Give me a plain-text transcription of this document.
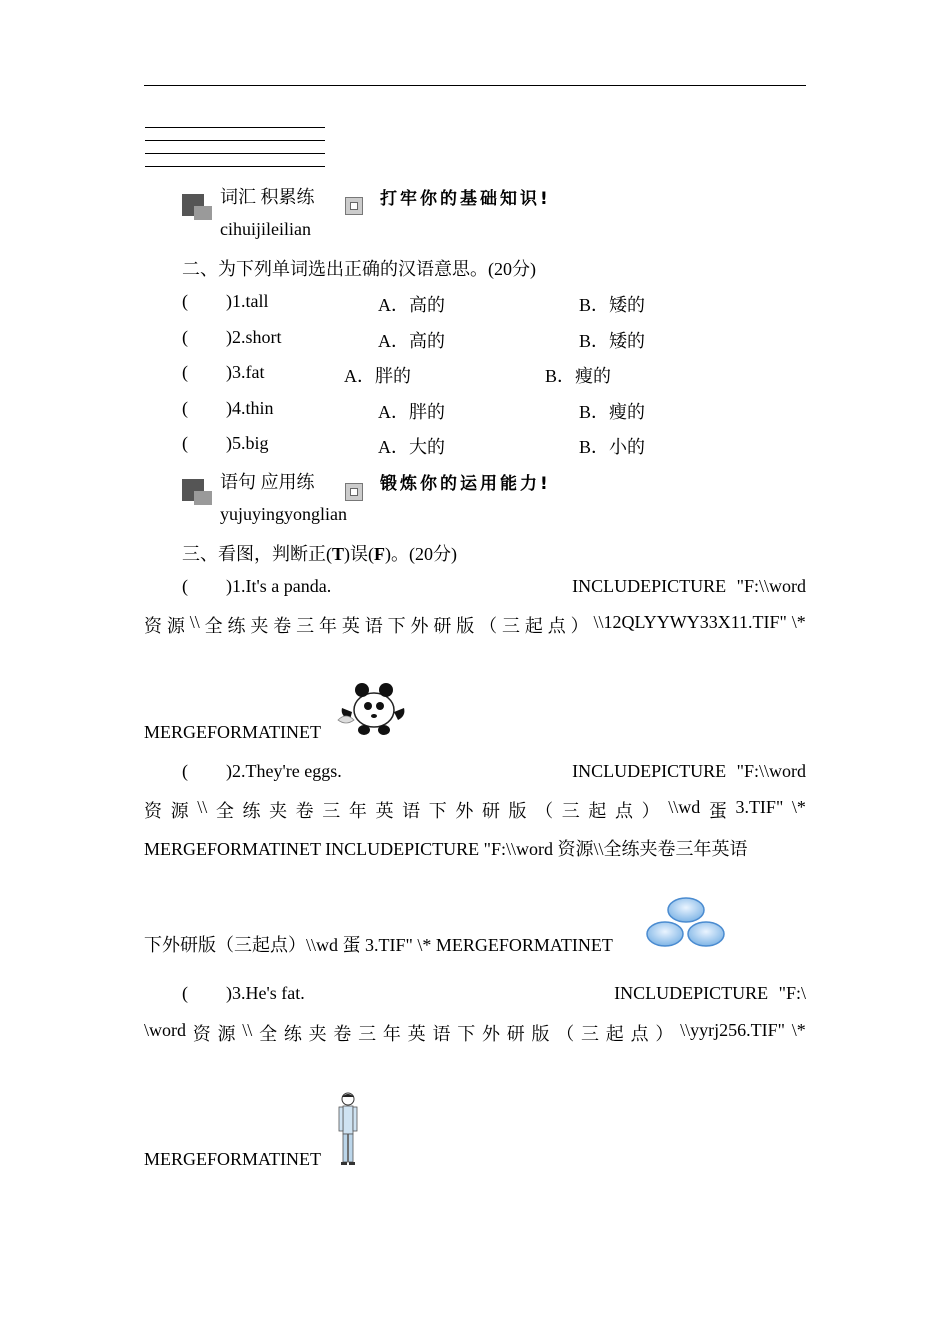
词汇 积累练	打牢你的基础知识!
cihuijileilian
二、为下列单词选出正确的汉语意思。(20分)
( )1.tall	A．高的	B．矮的
( )2.short	A．高的	B．矮的
( )3.fat	A．胖的	B．瘦的
( )4.thin	A．胖的	B．瘦的
( )5.big	A．大的	B．小的
语句 应用练	锻炼你的运用能力!
yujuyingyonglian
三、看图，判断正(T)误(F)。(20分)
( )1.It's a panda.	INCLUDEPICTURE "F:\\word
资 源 \\ 全 练 夹 卷 三 年 英 语 下 外 研 版 （ 三 起 点 ） \\12QLYYWY33X11.TIF" \*
MERGEFORMATINET
( )2.They're eggs.	INCLUDEPICTURE "F:\\word
资 源 \\ 全 练 夹 卷 三 年 英 语 下 外 研 版 （ 三 起 点 ） \\wd 蛋 3.TIF" \*
MERGEFORMATINET INCLUDEPICTURE "F:\\word 资源\\全练夹卷三年英语
下外研版（三起点）\\wd 蛋 3.TIF" \* MERGEFORMATINET
( )3.He's fat.	INCLUDEPICTURE "F:\
\word 资 源 \\ 全 练 夹 卷 三 年 英 语 下 外 研 版 （ 三 起 点 ） \\yyrj256.TIF" \*
MERGEFORMATINET
